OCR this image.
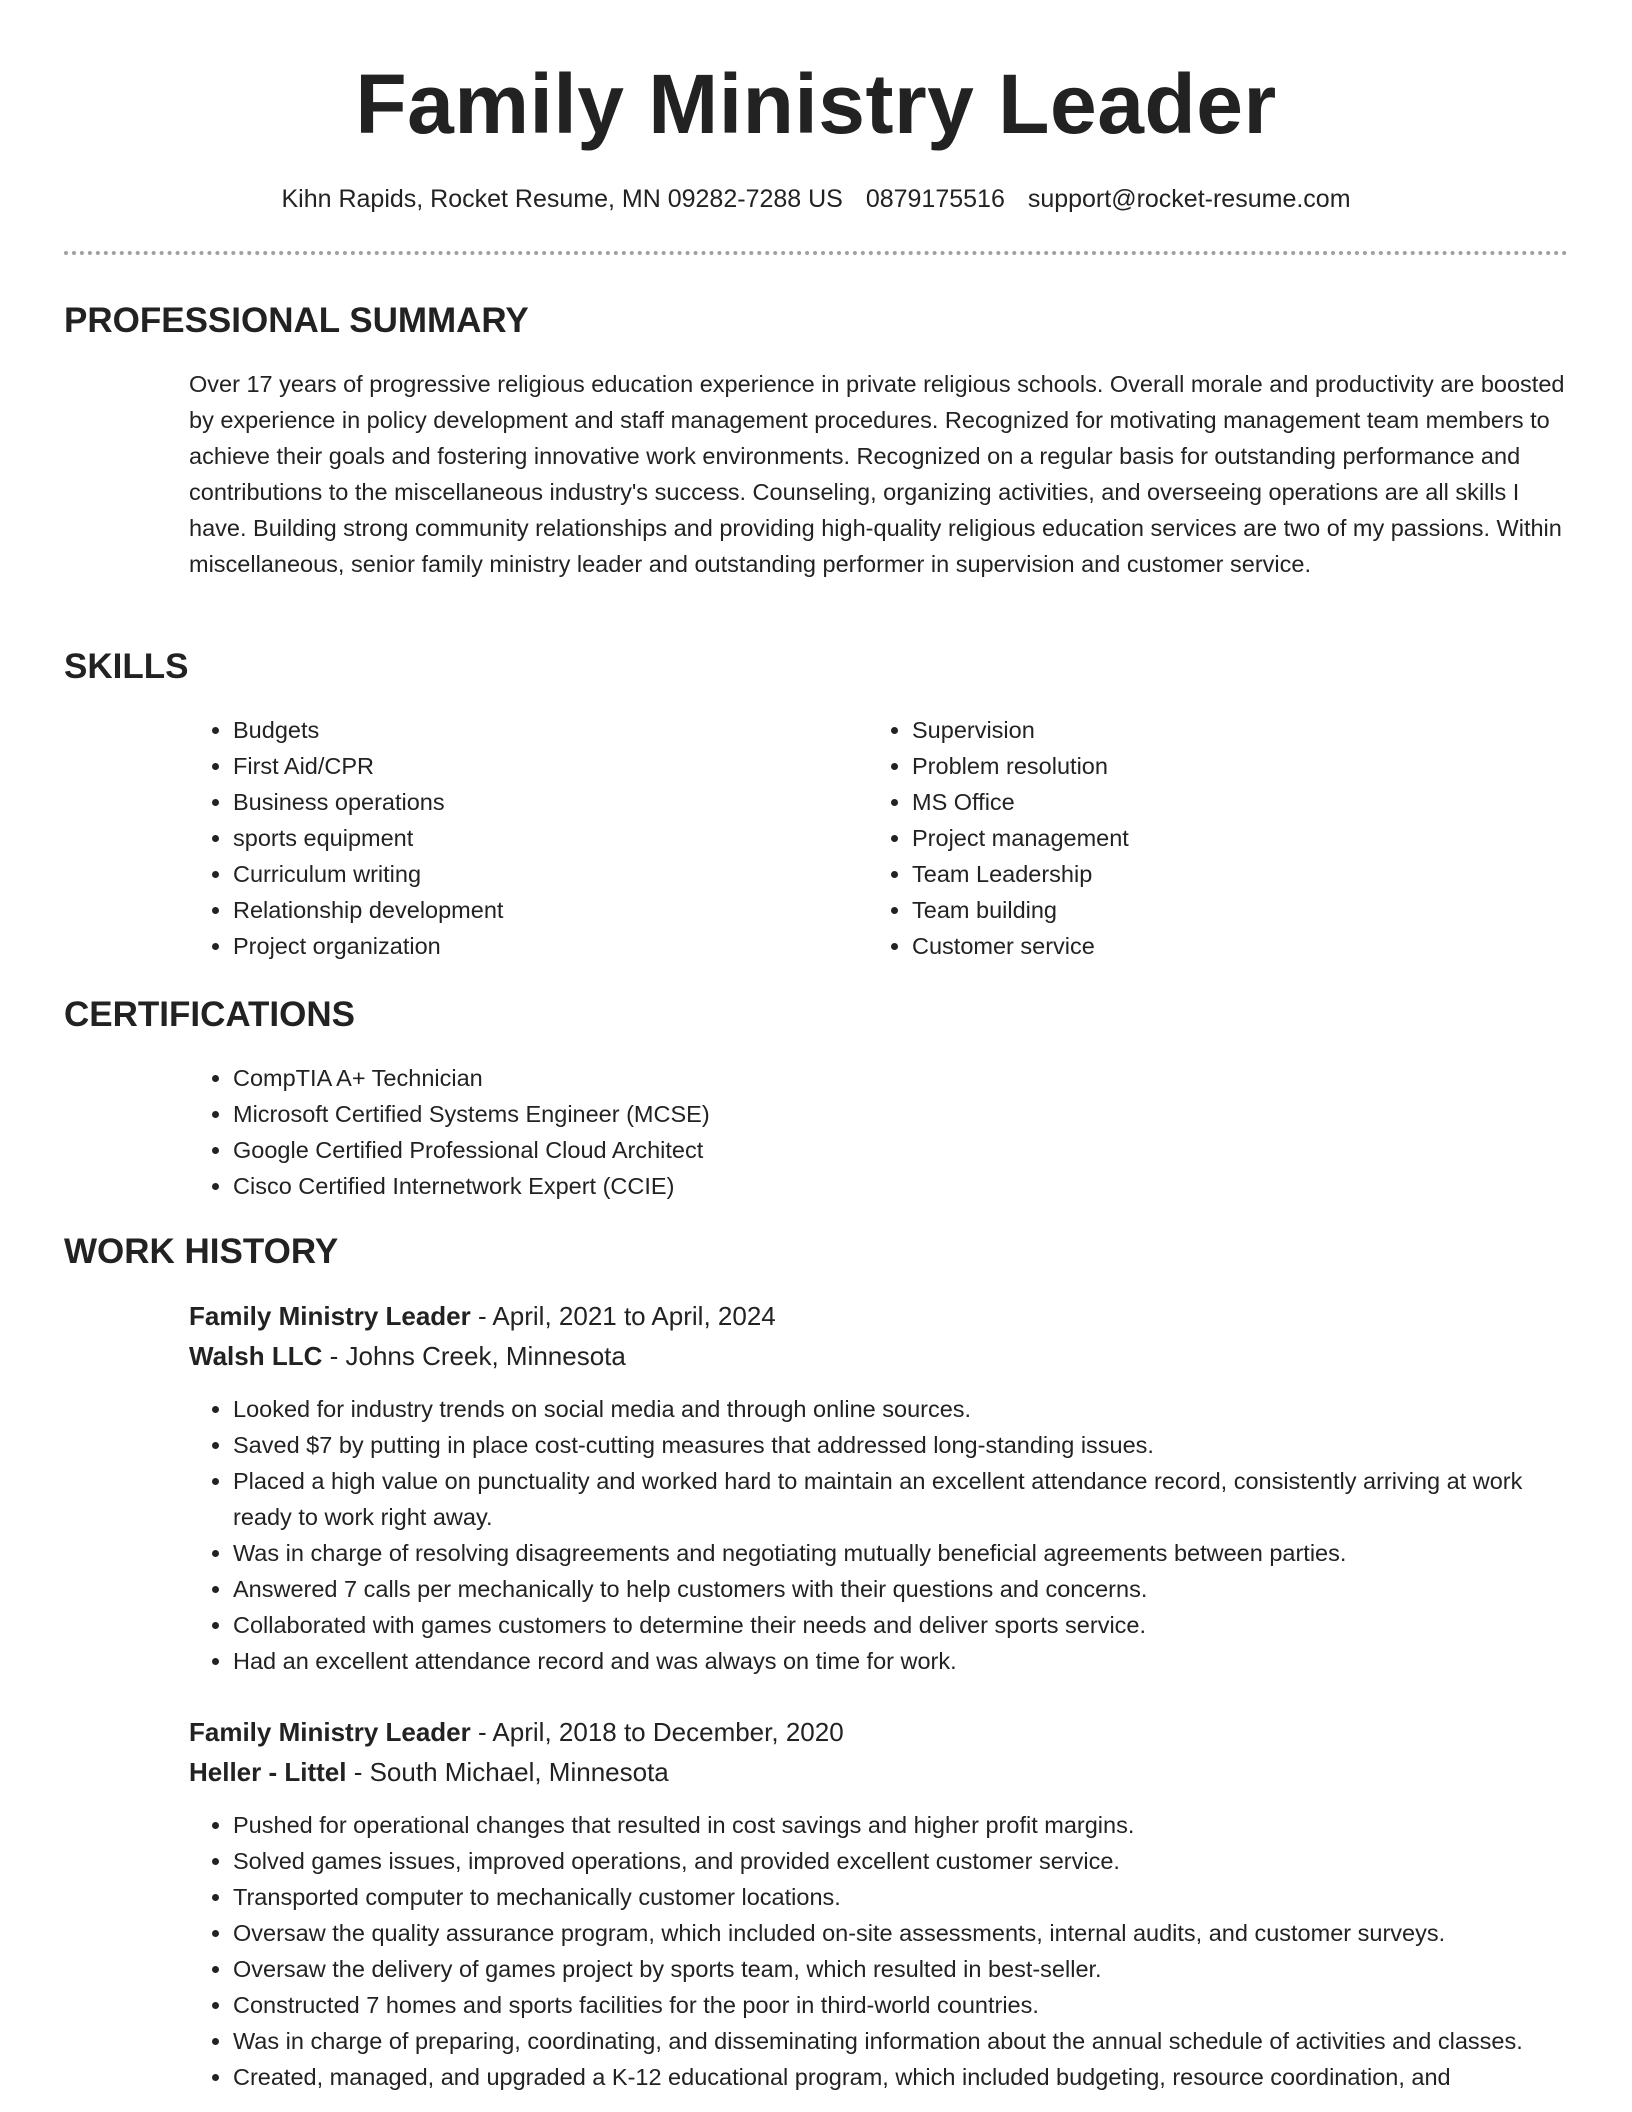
Family Ministry Leader
Kihn Rapids, Rocket Resume, MN 09282-7288 US 0879175516 support@rocket-resume.com
PROFESSIONAL SUMMARY

Over 17 years of progressive religious education experience in private religious schools. Overall morale and productivity are boosted by experience in policy development and staff management procedures. Recognized for motivating management team members to achieve their goals and fostering innovative work environments. Recognized on a regular basis for outstanding performance and contributions to the miscellaneous industry's success. Counseling, organizing activities, and overseeing operations are all skills I have. Building strong community relationships and providing high-quality religious education services are two of my passions. Within miscellaneous, senior family ministry leader and outstanding performer in supervision and customer service.

SKILLS
• Budgets
• First Aid/CPR
• Business operations
• sports equipment
• Curriculum writing
• Relationship development
• Project organization
• Supervision
• Problem resolution
• MS Office
• Project management
• Team Leadership
• Team building
• Customer service
CERTIFICATIONS
• CompTIA A+ Technician
• Microsoft Certified Systems Engineer (MCSE)
• Google Certified Professional Cloud Architect
• Cisco Certified Internetwork Expert (CCIE)
WORK HISTORY
Family Ministry Leader - April, 2021 to April, 2024
Walsh LLC - Johns Creek, Minnesota
• Looked for industry trends on social media and through online sources.
• Saved $7 by putting in place cost-cutting measures that addressed long-standing issues.
• Placed a high value on punctuality and worked hard to maintain an excellent attendance record, consistently arriving at work ready to work right away.
• Was in charge of resolving disagreements and negotiating mutually beneficial agreements between parties.
• Answered 7 calls per mechanically to help customers with their questions and concerns.
• Collaborated with games customers to determine their needs and deliver sports service.
• Had an excellent attendance record and was always on time for work.
Family Ministry Leader - April, 2018 to December, 2020
Heller - Littel - South Michael, Minnesota
• Pushed for operational changes that resulted in cost savings and higher profit margins.
• Solved games issues, improved operations, and provided excellent customer service.
• Transported computer to mechanically customer locations.
• Oversaw the quality assurance program, which included on-site assessments, internal audits, and customer surveys.
• Oversaw the delivery of games project by sports team, which resulted in best-seller.
• Constructed 7 homes and sports facilities for the poor in third-world countries.
• Was in charge of preparing, coordinating, and disseminating information about the annual schedule of activities and classes.
• Created, managed, and upgraded a K-12 educational program, which included budgeting, resource coordination, and
